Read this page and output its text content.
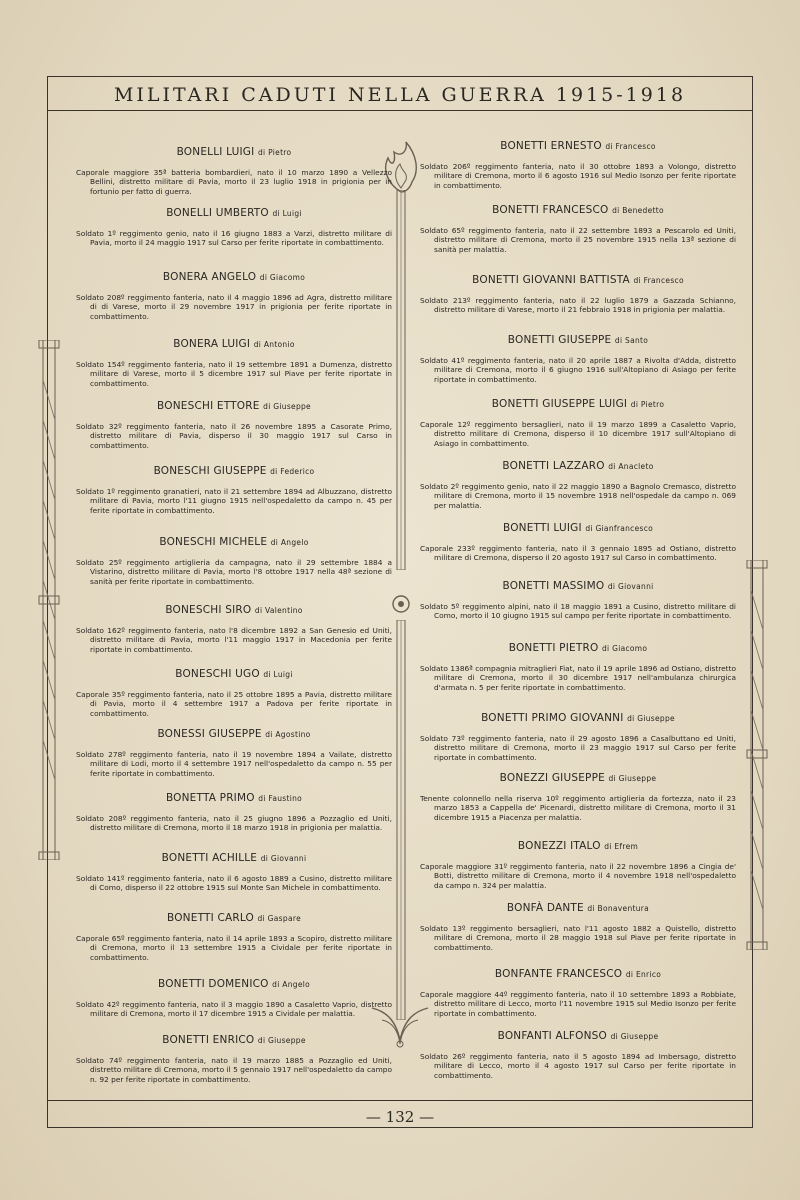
MILITARI CADUTI NELLA GUERRA 1915-1918
BONELLI LUIGI di Pietro
Caporale maggiore 35ª batteria bombardieri, nato il 10 marzo 1890 a Vellezzo Bellini, distretto militare di Pavia, morto il 23 luglio 1918 in prigionia per in fortunio per fatto di guerra.
BONELLI UMBERTO di Luigi
Soldato 1º reggimento genio, nato il 16 giugno 1883 a Varzi, distretto militare di Pavia, morto il 24 maggio 1917 sul Carso per ferite riportate in combattimento.
BONERA ANGELO di Giacomo
Soldato 208º reggimento fanteria, nato il 4 maggio 1896 ad Agra, distretto militare di di Varese, morto il 29 novembre 1917 in prigionia per ferite riportate in combattimento.
BONERA LUIGI di Antonio
Soldato 154º reggimento fanteria, nato il 19 settembre 1891 a Dumenza, distretto militare di Varese, morto il 5 dicembre 1917 sul Piave per ferite riportate in combattimento.
BONESCHI ETTORE di Giuseppe
Soldato 32º reggimento fanteria, nato il 26 novembre 1895 a Casorate Primo, distretto militare di Pavia, disperso il 30 maggio 1917 sul Carso in combattimento.
BONESCHI GIUSEPPE di Federico
Soldato 1º reggimento granatieri, nato il 21 settembre 1894 ad Albuzzano, distretto militare di Pavia, morto l'11 giugno 1915 nell'ospedaletto da campo n. 45 per ferite riportate in combattimento.
BONESCHI MICHELE di Angelo
Soldato 25º reggimento artiglieria da campagna, nato il 29 settembre 1884 a Vistarino, distretto militare di Pavia, morto l'8 ottobre 1917 nella 48ª sezione di sanità per ferite riportate in combattimento.
BONESCHI SIRO di Valentino
Soldato 162º reggimento fanteria, nato l'8 dicembre 1892 a San Genesio ed Uniti, distretto militare di Pavia, morto l'11 maggio 1917 in Macedonia per ferite riportate in combattimento.
BONESCHI UGO di Luigi
Caporale 35º reggimento fanteria, nato il 25 ottobre 1895 a Pavia, distretto militare di Pavia, morto il 4 settembre 1917 a Padova per ferite riportate in combattimento.
BONESSI GIUSEPPE di Agostino
Soldato 278º reggimento fanteria, nato il 19 novembre 1894 a Vailate, distretto militare di Lodi, morto il 4 settembre 1917 nell'ospedaletto da campo n. 55 per ferite riportate in combattimento.
BONETTA PRIMO di Faustino
Soldato 208º reggimento fanteria, nato il 25 giugno 1896 a Pozzaglio ed Uniti, distretto militare di Cremona, morto il 18 marzo 1918 in prigionia per malattia.
BONETTI ACHILLE di Giovanni
Soldato 141º reggimento fanteria, nato il 6 agosto 1889 a Cusino, distretto militare di Como, disperso il 22 ottobre 1915 sul Monte San Michele in combattimento.
BONETTI CARLO di Gaspare
Caporale 65º reggimento fanteria, nato il 14 aprile 1893 a Scopiro, distretto militare di Cremona, morto il 13 settembre 1915 a Cividale per ferite riportate in combattimento.
BONETTI DOMENICO di Angelo
Soldato 42º reggimento fanteria, nato il 3 maggio 1890 a Casaletto Vaprio, distretto militare di Cremona, morto il 17 dicembre 1915 a Cividale per malattia.
BONETTI ENRICO di Giuseppe
Soldato 74º reggimento fanteria, nato il 19 marzo 1885 a Pozzaglio ed Uniti, distretto militare di Cremona, morto il 5 gennaio 1917 nell'ospedaletto da campo n. 92 per ferite riportate in combattimento.
BONETTI ERNESTO di Francesco
Soldato 206º reggimento fanteria, nato il 30 ottobre 1893 a Volongo, distretto militare di Cremona, morto il 6 agosto 1916 sul Medio Isonzo per ferite riportate in combattimento.
BONETTI FRANCESCO di Benedetto
Soldato 65º reggimento fanteria, nato il 22 settembre 1893 a Pescarolo ed Uniti, distretto militare di Cremona, morto il 25 novembre 1915 nella 13ª sezione di sanità per malattia.
BONETTI GIOVANNI BATTISTA di Francesco
Soldato 213º reggimento fanteria, nato il 22 luglio 1879 a Gazzada Schianno, distretto militare di Varese, morto il 21 febbraio 1918 in prigionia per malattia.
BONETTI GIUSEPPE di Santo
Soldato 41º reggimento fanteria, nato il 20 aprile 1887 a Rivolta d'Adda, distretto militare di Cremona, morto il 6 giugno 1916 sull'Altopiano di Asiago per ferite riportate in combattimento.
BONETTI GIUSEPPE LUIGI di Pietro
Caporale 12º reggimento bersaglieri, nato il 19 marzo 1899 a Casaletto Vaprio, distretto militare di Cremona, disperso il 10 dicembre 1917 sull'Altopiano di Asiago in combattimento.
BONETTI LAZZARO di Anacleto
Soldato 2º reggimento genio, nato il 22 maggio 1890 a Bagnolo Cremasco, distretto militare di Cremona, morto il 15 novembre 1918 nell'ospedale da campo n. 069 per malattia.
BONETTI LUIGI di Gianfrancesco
Caporale 233º reggimento fanteria, nato il 3 gennaio 1895 ad Ostiano, distretto militare di Cremona, disperso il 20 agosto 1917 sul Carso in combattimento.
BONETTI MASSIMO di Giovanni
Soldato 5º reggimento alpini, nato il 18 maggio 1891 a Cusino, distretto militare di Como, morto il 10 giugno 1915 sul campo per ferite riportate in combattimento.
BONETTI PIETRO di Giacomo
Soldato 1386ª compagnia mitraglieri Fiat, nato il 19 aprile 1896 ad Ostiano, distretto militare di Cremona, morto il 30 dicembre 1917 nell'ambulanza chirurgica d'armata n. 5 per ferite riportate in combattimento.
BONETTI PRIMO GIOVANNI di Giuseppe
Soldato 73º reggimento fanteria, nato il 29 agosto 1896 a Casalbuttano ed Uniti, distretto militare di Cremona, morto il 23 maggio 1917 sul Carso per ferite riportate in combattimento.
BONEZZI GIUSEPPE di Giuseppe
Tenente colonnello nella riserva 10º reggimento artiglieria da fortezza, nato il 23 marzo 1853 a Cappella de' Picenardi, distretto militare di Cremona, morto il 31 dicembre 1915 a Piacenza per malattia.
BONEZZI ITALO di Efrem
Caporale maggiore 31º reggimento fanteria, nato il 22 novembre 1896 a Cingia de' Botti, distretto militare di Cremona, morto il 4 novembre 1918 nell'ospedaletto da campo n. 324 per malattia.
BONFÀ DANTE di Bonaventura
Soldato 13º reggimento bersaglieri, nato l'11 agosto 1882 a Quistello, distretto militare di Cremona, morto il 28 maggio 1918 sul Piave per ferite riportate in combattimento.
BONFANTE FRANCESCO di Enrico
Caporale maggiore 44º reggimento fanteria, nato il 10 settembre 1893 a Robbiate, distretto militare di Lecco, morto l'11 novembre 1915 sul Medio Isonzo per ferite riportate in combattimento.
BONFANTI ALFONSO di Giuseppe
Soldato 26º reggimento fanteria, nato il 5 agosto 1894 ad Imbersago, distretto militare di Lecco, morto il 4 agosto 1917 sul Carso per ferite riportate in combattimento.
— 132 —
